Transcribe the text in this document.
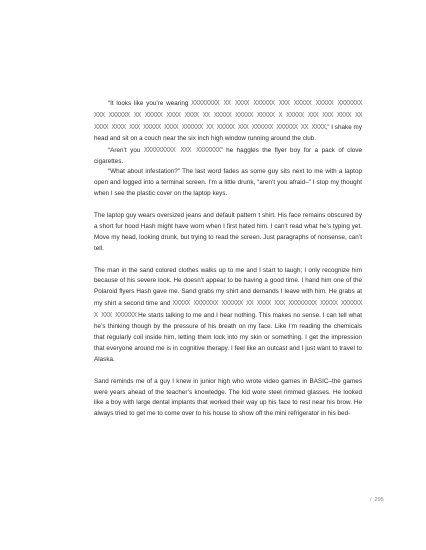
“It looks like you’re wearing XXXXXXXX XX XXXX XXXXXX XXX XXXXX XXXXX XXXXXXX XXX XXXXXX XX XXXXX XXXX XXXX XX XXXXX XXXXX XXXXX X XXXXX XXX XXX XXXX XX XXXX XXXX XXX XXXXX XXXX XXXXXX XX XXXXX XXX XXXXXX XXXXXX XX XXXX,” I shake my head and sit on a couch near the six inch high window running around the club.

“Aren’t you XXXXXXXXX XXX XXXXXXX” he haggles the flyer boy for a pack of clove cigarettes.

“What about infestation?” The last word fades as some guy sits next to me with a laptop open and logged into a terminal screen. I’m a little drunk, “aren’t you afraid–” I stop my thought when I see the plastic cover on the laptop keys.

The laptop guy wears oversized jeans and default pattern t shirt. His face remains obscured by a short fur hood Hash might have worn when I first hated him. I can’t read what he’s typing yet. Move my head, looking drunk, but trying to read the screen. Just paragraphs of nonsense, can’t tell.

The man in the sand colored clothes walks up to me and I start to laugh; I only recognize him because of his severe look. He doesn’t appear to be having a good time. I hand him one of the Polaroid flyers Hash gave me. Sand grabs my shirt and demands I leave with him. He grabs at my shirt a second time and XXXXX XXXXXXX XXXXXX XX XXXX XXX XXXXXXXX XXXXX XXXXXX X XXX XXXXXX He starts talking to me and I hear nothing. This makes no sense. I can tell what he’s thinking though by the pressure of his breath on my face. Like I’m reading the chemicals that regularly coil inside him, letting them lock into my skin or something. I get the impression that everyone around me is in cognitive therapy. I feel like an outcast and I just want to travel to Alaska.

Sand reminds me of a guy I knew in junior high who wrote video games in BASIC–the games were years ahead of the teacher’s knowledge. The kid wore steel rimmed glasses. He looked like a boy with large dental implants that worked their way up his face to rest near his brow. He always tried to get me to come over to his house to show off the mini refrigerator in his bed-

/ 295
